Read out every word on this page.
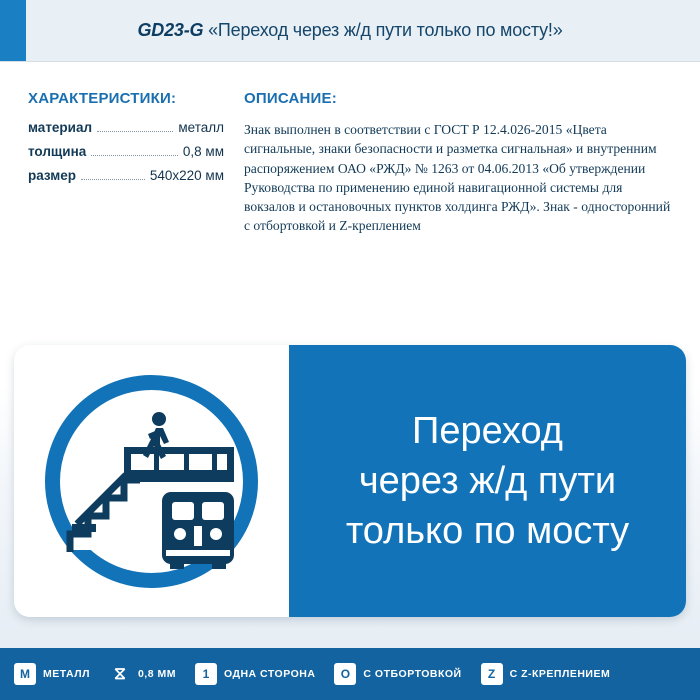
GD23-G «Переход через ж/д пути только по мосту!»
ХАРАКТЕРИСТИКИ:
материал	металл
толщина	0,8 мм
размер	540x220 мм
ОПИСАНИЕ:
Знак выполнен в соответствии с ГОСТ Р 12.4.026-2015 «Цвета сигнальные, знаки безопасности и разметка сигнальная» и внутренним распоряжением ОАО «РЖД» № 1263 от 04.06.2013 «Об утверждении Руководства по применению единой навигационной системы для вокзалов и остановочных пунктов холдинга РЖД». Знак - односторонний с отбортовкой и Z-креплением
Переход
через ж/д пути
только по мосту
M	МЕТАЛЛ ⧖	0,8 ММ	1	ОДНА СТОРОНА	O	С ОТБОРТОВКОЙ	Z	С Z-КРЕПЛЕНИЕМ
